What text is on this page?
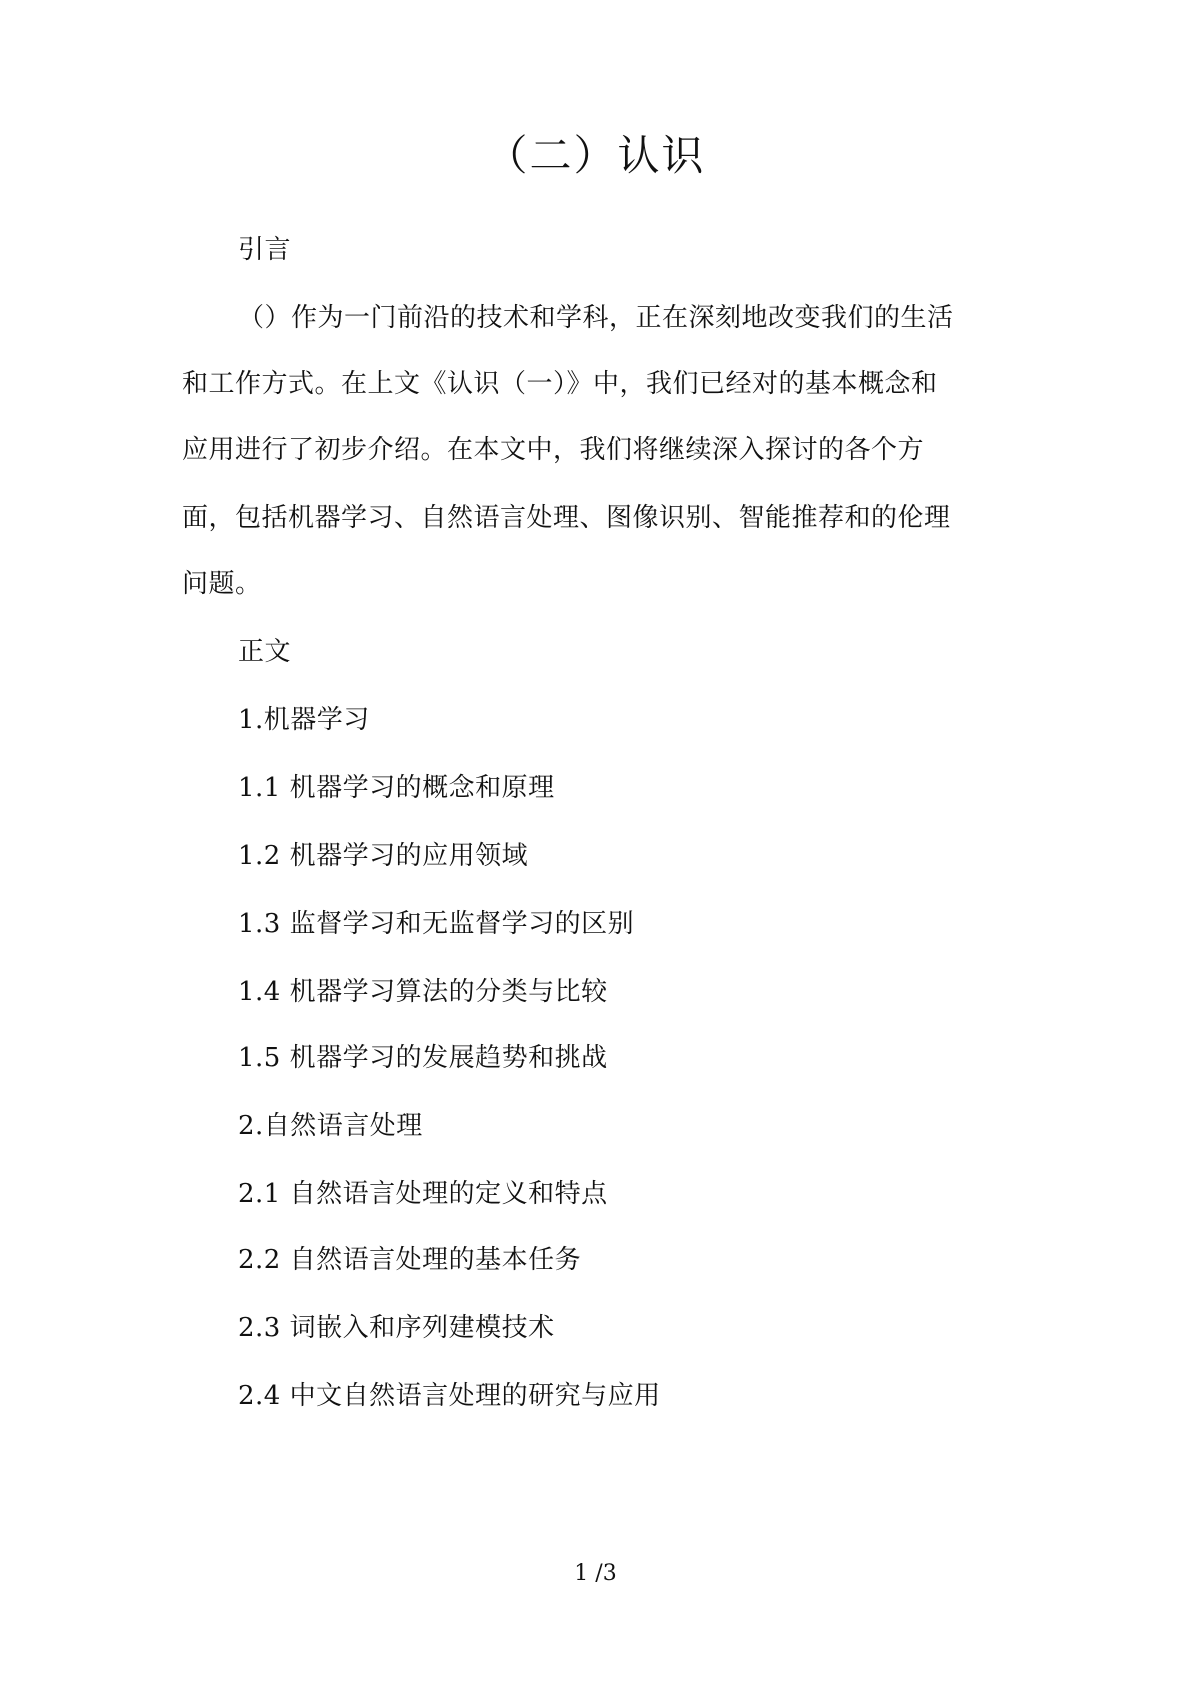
（二）认识
引言
（）作为一门前沿的技术和学科，正在深刻地改变我们的生活
和工作方式。在上文《认识（一）》中，我们已经对的基本概念和
应用进行了初步介绍。在本文中，我们将继续深入探讨的各个方
面，包括机器学习、自然语言处理、图像识别、智能推荐和的伦理
问题。
正文
1.机器学习
1.1 机器学习的概念和原理
1.2 机器学习的应用领域
1.3 监督学习和无监督学习的区别
1.4 机器学习算法的分类与比较
1.5 机器学习的发展趋势和挑战
2.自然语言处理
2.1 自然语言处理的定义和特点
2.2 自然语言处理的基本任务
2.3 词嵌入和序列建模技术
2.4 中文自然语言处理的研究与应用
1 /3
